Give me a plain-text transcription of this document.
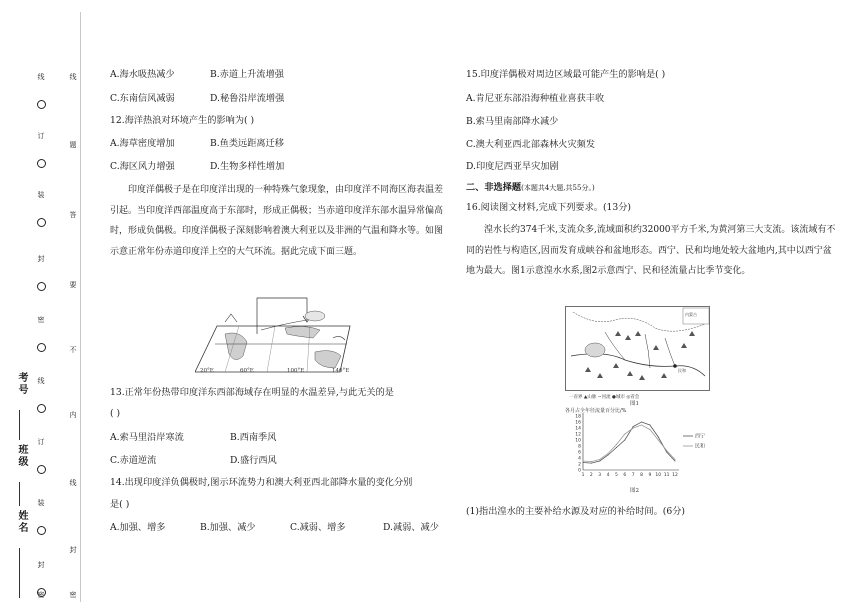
线
订
装
封
密
线
订
装
封
密
线
题
答
要
不
内
线
封
密
考号
班级
姓名
A.海水吸热减少	B.赤道上升流增强
C.东南信风减弱	D.秘鲁沿岸流增强
12.海洋热浪对环境产生的影响为( )
A.海草密度增加	B.鱼类远距离迁移
C.海区风力增强	D.生物多样性增加
印度洋偶极子是在印度洋出现的一种特殊气象现象，由印度洋不同海区海表温差引起。当印度洋西部温度高于东部时，形成正偶极；当赤道印度洋东部水温异常偏高时，形成负偶极。印度洋偶极子深刻影响着澳大利亚以及非洲的气温和降水等。如图示意正常年份赤道印度洋上空的大气环流。据此完成下面三题。
20°E	60°E	100°E	140°E
13.正常年份热带印度洋东西部海域存在明显的水温差异,与此无关的是
( )
A.索马里沿岸寒流	B.西南季风
C.赤道逆流	D.盛行西风
14.出现印度洋负偶极时,图示环流势力和澳大利亚西北部降水量的变化分别
是( )
A.加强、增多	B.加强、减少	C.减弱、增多	D.减弱、减少
15.印度洋偶极对周边区域最可能产生的影响是( )
A.肯尼亚东部沿海种植业喜获丰收
B.索马里南部降水减少
C.澳大利亚西北部森林火灾频发
D.印度尼西亚旱灾加剧
二、非选择题(本题共4大题,共55分。)
16.阅读图文材料,完成下列要求。(13分)
湟水长约374千米,支流众多,流域面积约32000平方千米,为黄河第三大支流。该流域有不同的岩性与构造区,因而发育成峡谷和盆地形态。西宁、民和均地处较大盆地内,其中以西宁盆地为最大。图1示意湟水水系,图2示意西宁、民和径流量占比季节变化。
一省界 ▲山脉 ~河流 ●城市 ◎省会
内蒙古
民和
图1
各月占全年径流量百分比/%
0
2
4
6
8
10
12
14
16
18
1 2 3 4 5 6 7 8 9 10 11 12
西宁
民和
图2
(1)指出湟水的主要补给水源及对应的补给时间。(6分)
